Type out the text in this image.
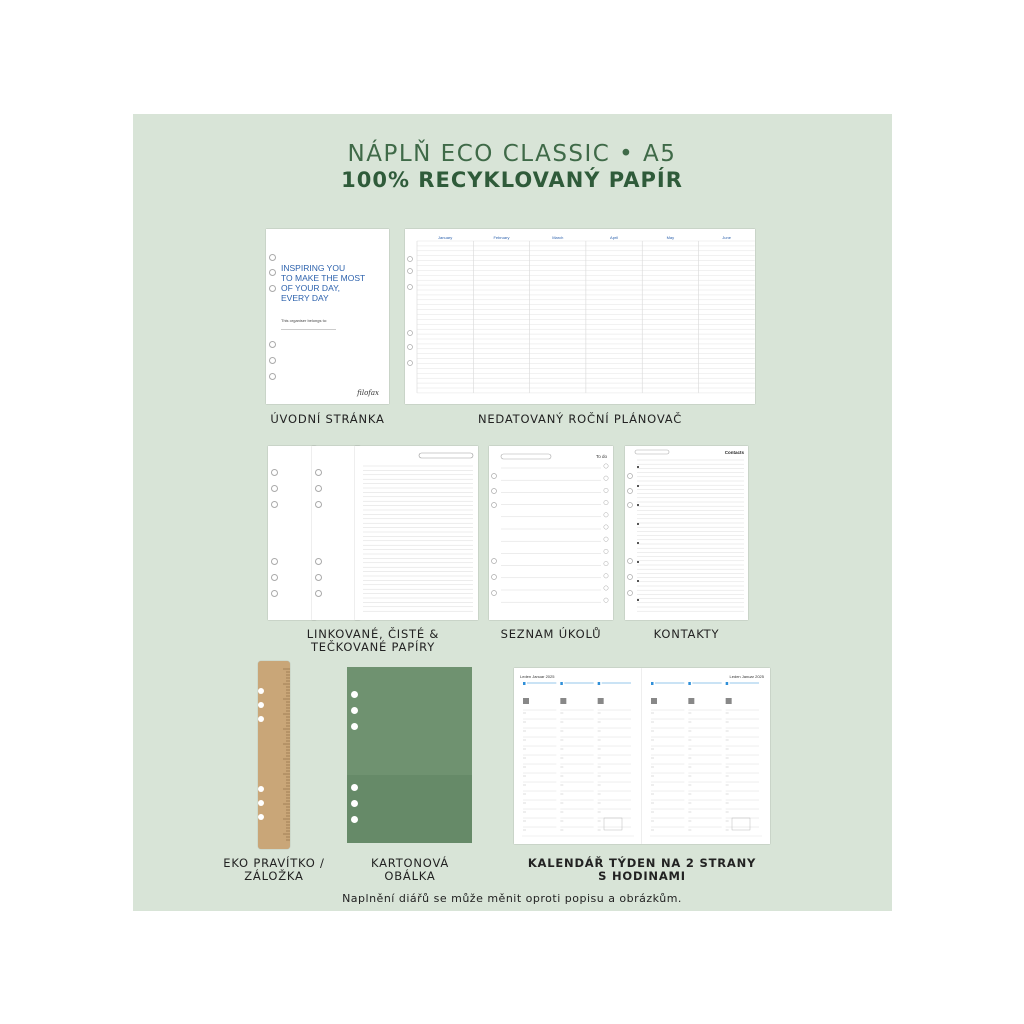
NÁPLŇ ECO CLASSIC • A5
100% RECYKLOVANÝ PAPÍR
INSPIRING YOU
TO MAKE THE MOST
OF YOUR DAY,
EVERY DAY
This organiser belongs to:
filofax
ÚVODNÍ STRÁNKA
January	February	March	April	May	June
NEDATOVANÝ ROČNÍ PLÁNOVAČ
LINKOVANÉ, ČISTÉ &
TEČKOVANÉ PAPÍRY
To do
SEZNAM ÚKOLŮ
Contacts
KONTAKTY
EKO PRAVÍTKO /
ZÁLOŽKA
KARTONOVÁ
OBÁLKA
Leden Januar 2025	Leden Januar 2025
KALENDÁŘ TÝDEN NA 2 STRANY
S HODINAMI
Naplnění diářů se může měnit oproti popisu a obrázkům.
